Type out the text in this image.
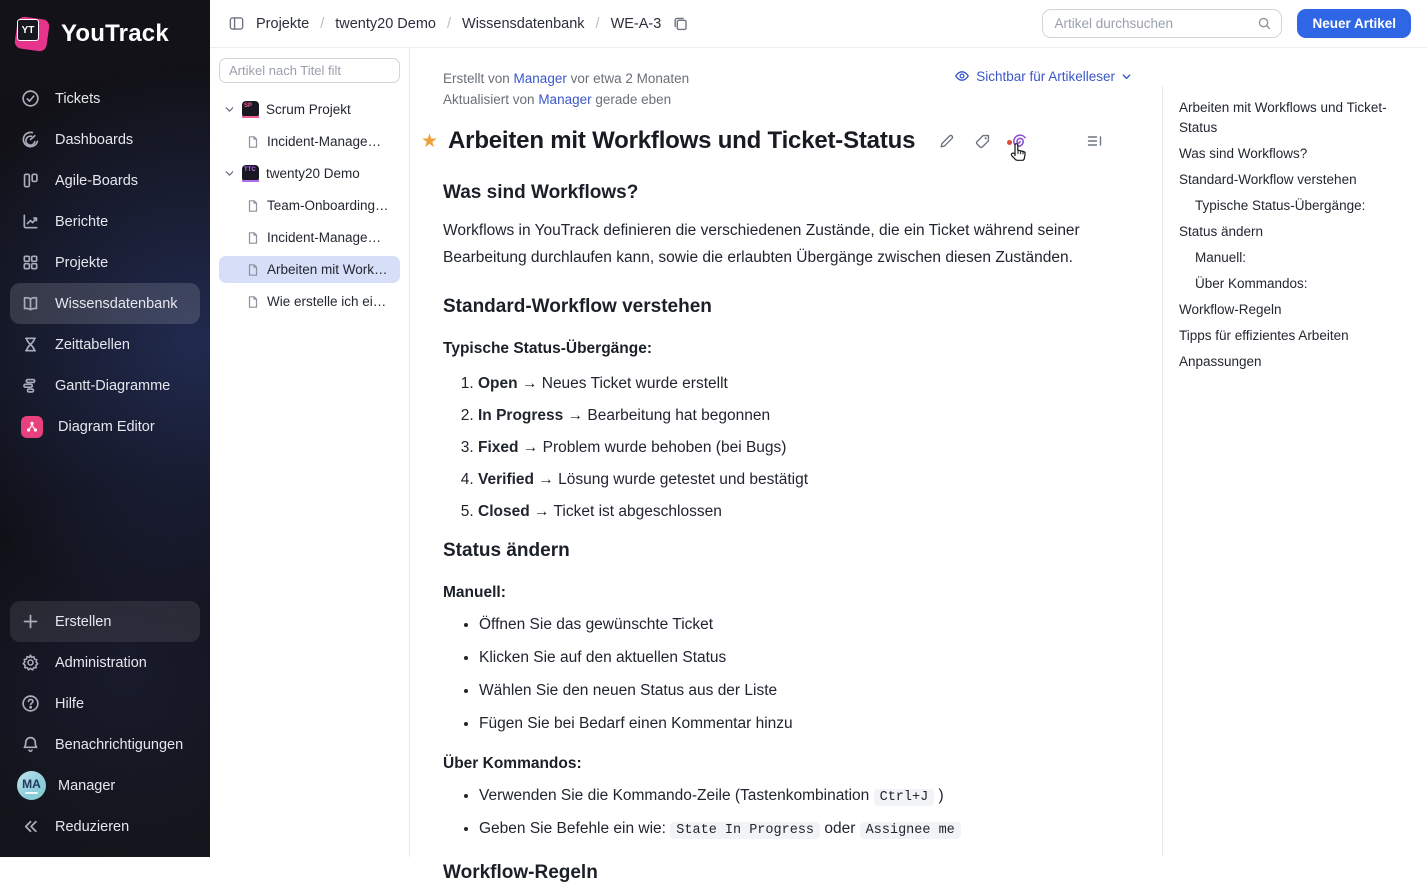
YT YouTrack
Tickets
Dashboards
Agile-Boards
Berichte
Projekte
Wissensdatenbank
Zeittabellen
Gantt-Diagramme
Diagram Editor
Erstellen
Administration
Hilfe
Benachrichtigungen
MA Manager
Reduzieren
Projekte / twenty20 Demo / Wissensdatenbank / WE-A-3
Artikel durchsuchen	Neuer Artikel
Artikel nach Titel filt
SP	Scrum Projekt
Incident-Manage…
TTC twenty20 Demo
Team-Onboarding…
Incident-Manage…
Arbeiten mit Work…
Wie erstelle ich ei…
Erstellt von Manager vor etwa 2 Monaten
Aktualisiert von Manager gerade eben
Sichtbar für Artikelleser
★ Arbeiten mit Workflows und Ticket-Status
Was sind Workflows?

Workflows in YouTrack definieren die verschiedenen Zustände, die ein Ticket während seiner Bearbeitung durchlaufen kann, sowie die erlaubten Übergänge zwischen diesen Zuständen.

Standard-Workflow verstehen
Typische Status-Übergänge:
1. Open → Neues Ticket wurde erstellt
2. In Progress → Bearbeitung hat begonnen
3. Fixed → Problem wurde behoben (bei Bugs)
4. Verified → Lösung wurde getestet und bestätigt
5. Closed → Ticket ist abgeschlossen
Status ändern
Manuell:
• Öffnen Sie das gewünschte Ticket
• Klicken Sie auf den aktuellen Status
• Wählen Sie den neuen Status aus der Liste
• Fügen Sie bei Bedarf einen Kommentar hinzu
Über Kommandos:
• Verwenden Sie die Kommando-Zeile (Tastenkombination Ctrl+J )
• Geben Sie Befehle ein wie: State In Progress oder Assignee me
Workflow-Regeln
Arbeiten mit Workflows und Ticket-Status
Was sind Workflows?
Standard-Workflow verstehen
Typische Status-Übergänge:
Status ändern
Manuell:
Über Kommandos:
Workflow-Regeln
Tipps für effizientes Arbeiten
Anpassungen
